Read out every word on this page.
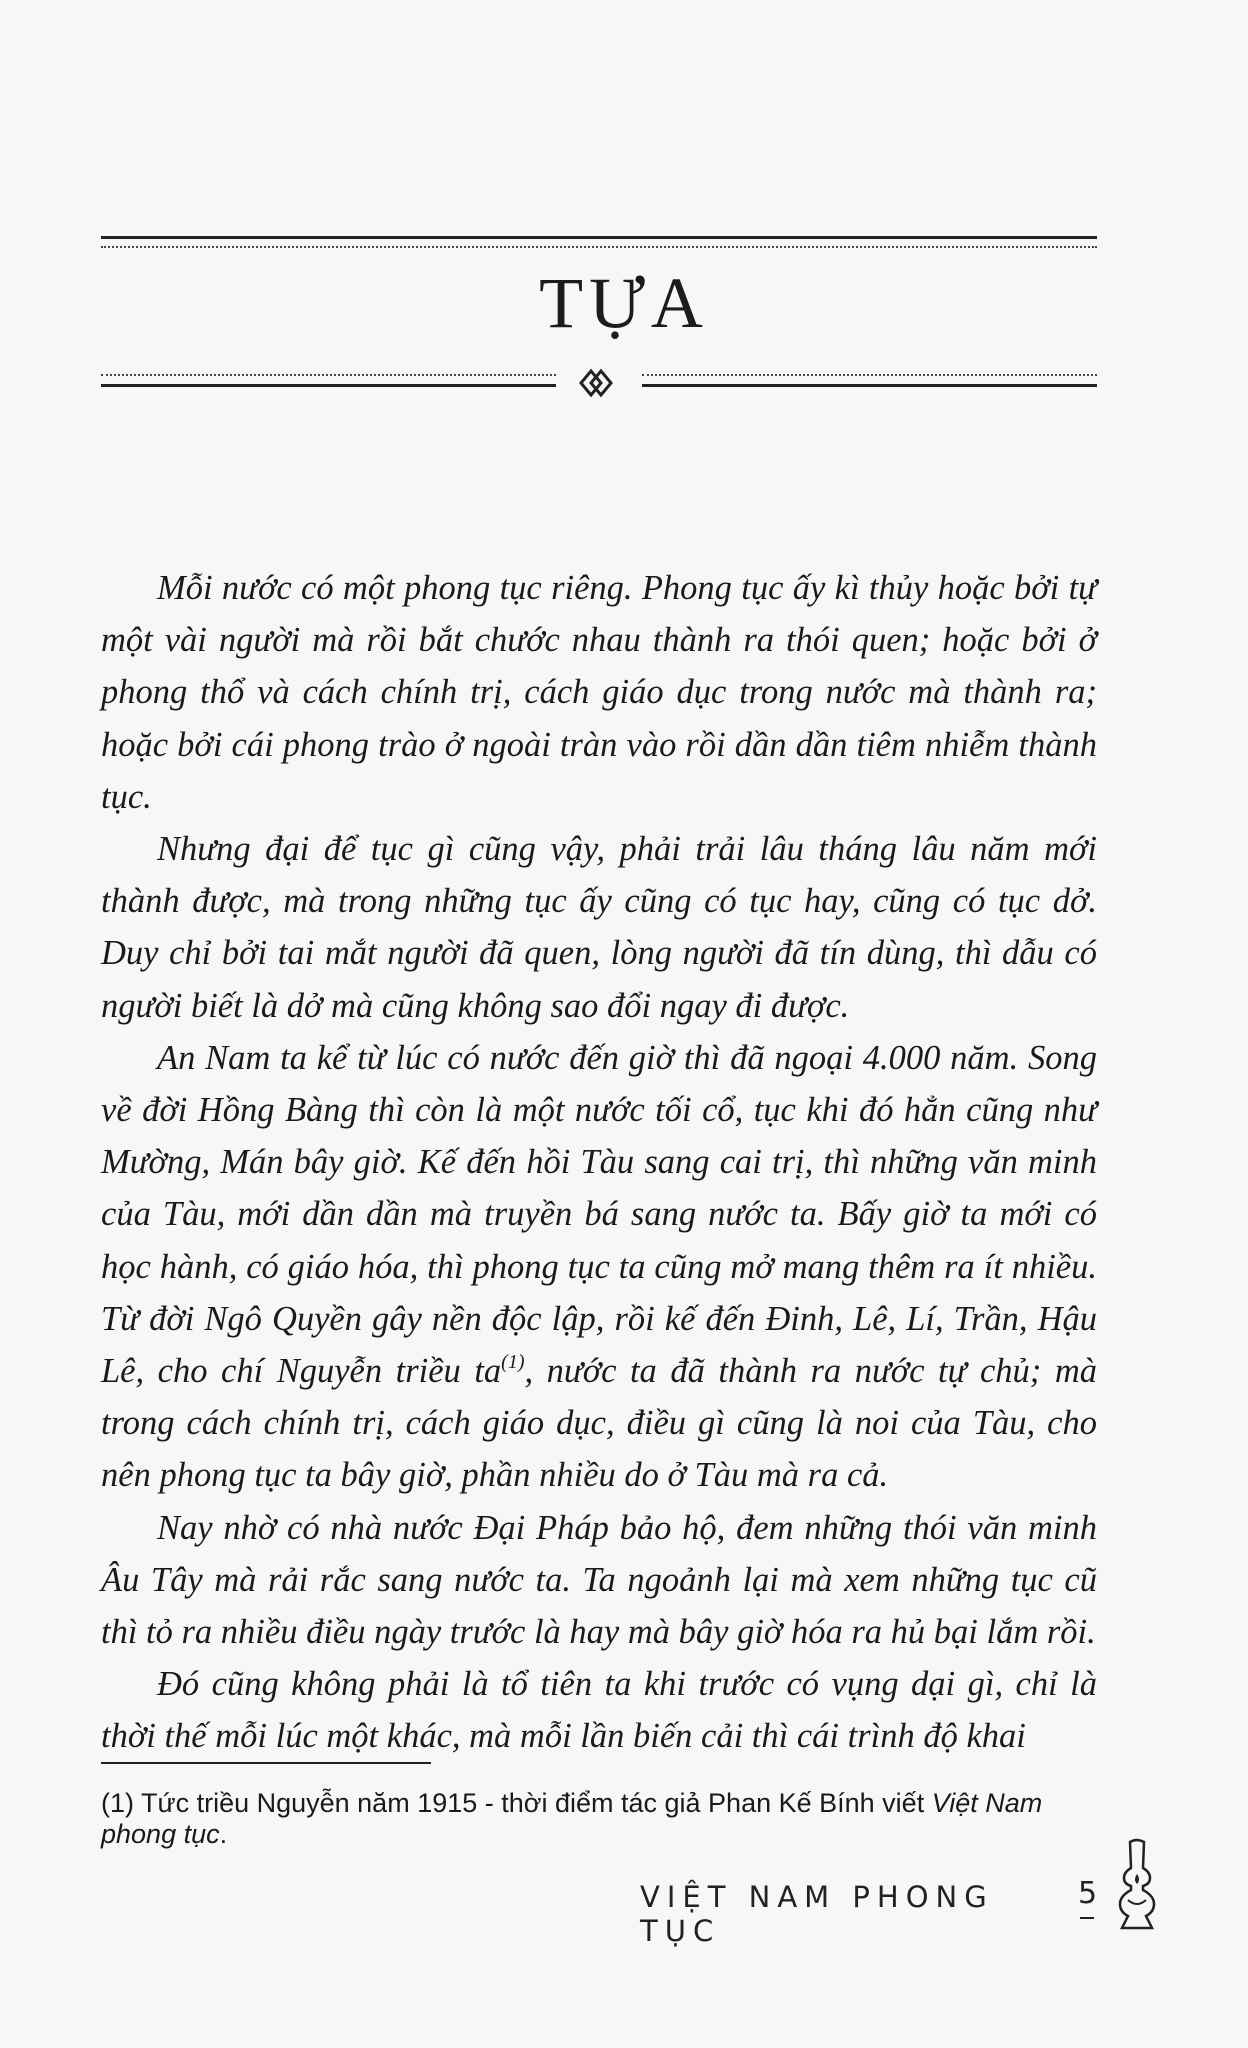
TỰA

Mỗi nước có một phong tục riêng. Phong tục ấy kì thủy hoặc bởi tự một vài người mà rồi bắt chước nhau thành ra thói quen; hoặc bởi ở phong thổ và cách chính trị, cách giáo dục trong nước mà thành ra; hoặc bởi cái phong trào ở ngoài tràn vào rồi dần dần tiêm nhiễm thành tục.

Nhưng đại để tục gì cũng vậy, phải trải lâu tháng lâu năm mới thành được, mà trong những tục ấy cũng có tục hay, cũng có tục dở. Duy chỉ bởi tai mắt người đã quen, lòng người đã tín dùng, thì dẫu có người biết là dở mà cũng không sao đổi ngay đi được.

An Nam ta kể từ lúc có nước đến giờ thì đã ngoại 4.000 năm. Song về đời Hồng Bàng thì còn là một nước tối cổ, tục khi đó hẳn cũng như Mường, Mán bây giờ. Kế đến hồi Tàu sang cai trị, thì những văn minh của Tàu, mới dần dần mà truyền bá sang nước ta. Bấy giờ ta mới có học hành, có giáo hóa, thì phong tục ta cũng mở mang thêm ra ít nhiều. Từ đời Ngô Quyền gây nền độc lập, rồi kế đến Đinh, Lê, Lí, Trần, Hậu Lê, cho chí Nguyễn triều $ta^{(1)}$, nước ta đã thành ra nước tự chủ; mà trong cách chính trị, cách giáo dục, điều gì cũng là noi của Tàu, cho nên phong tục ta bây giờ, phần nhiều do ở Tàu mà ra cả.

Nay nhờ có nhà nước Đại Pháp bảo hộ, đem những thói văn minh Âu Tây mà rải rắc sang nước ta. Ta ngoảnh lại mà xem những tục cũ thì tỏ ra nhiều điều ngày trước là hay mà bây giờ hóa ra hủ bại lắm rồi.

Đó cũng không phải là tổ tiên ta khi trước có vụng dại gì, chỉ là thời thế mỗi lúc một khác, mà mỗi lần biến cải thì cái trình độ khai

(1) Tức triều Nguyễn năm 1915 - thời điểm tác giả Phan Kế Bính viết Việt Nam phong tục.
VIỆT NAM PHONG TỤC
5
